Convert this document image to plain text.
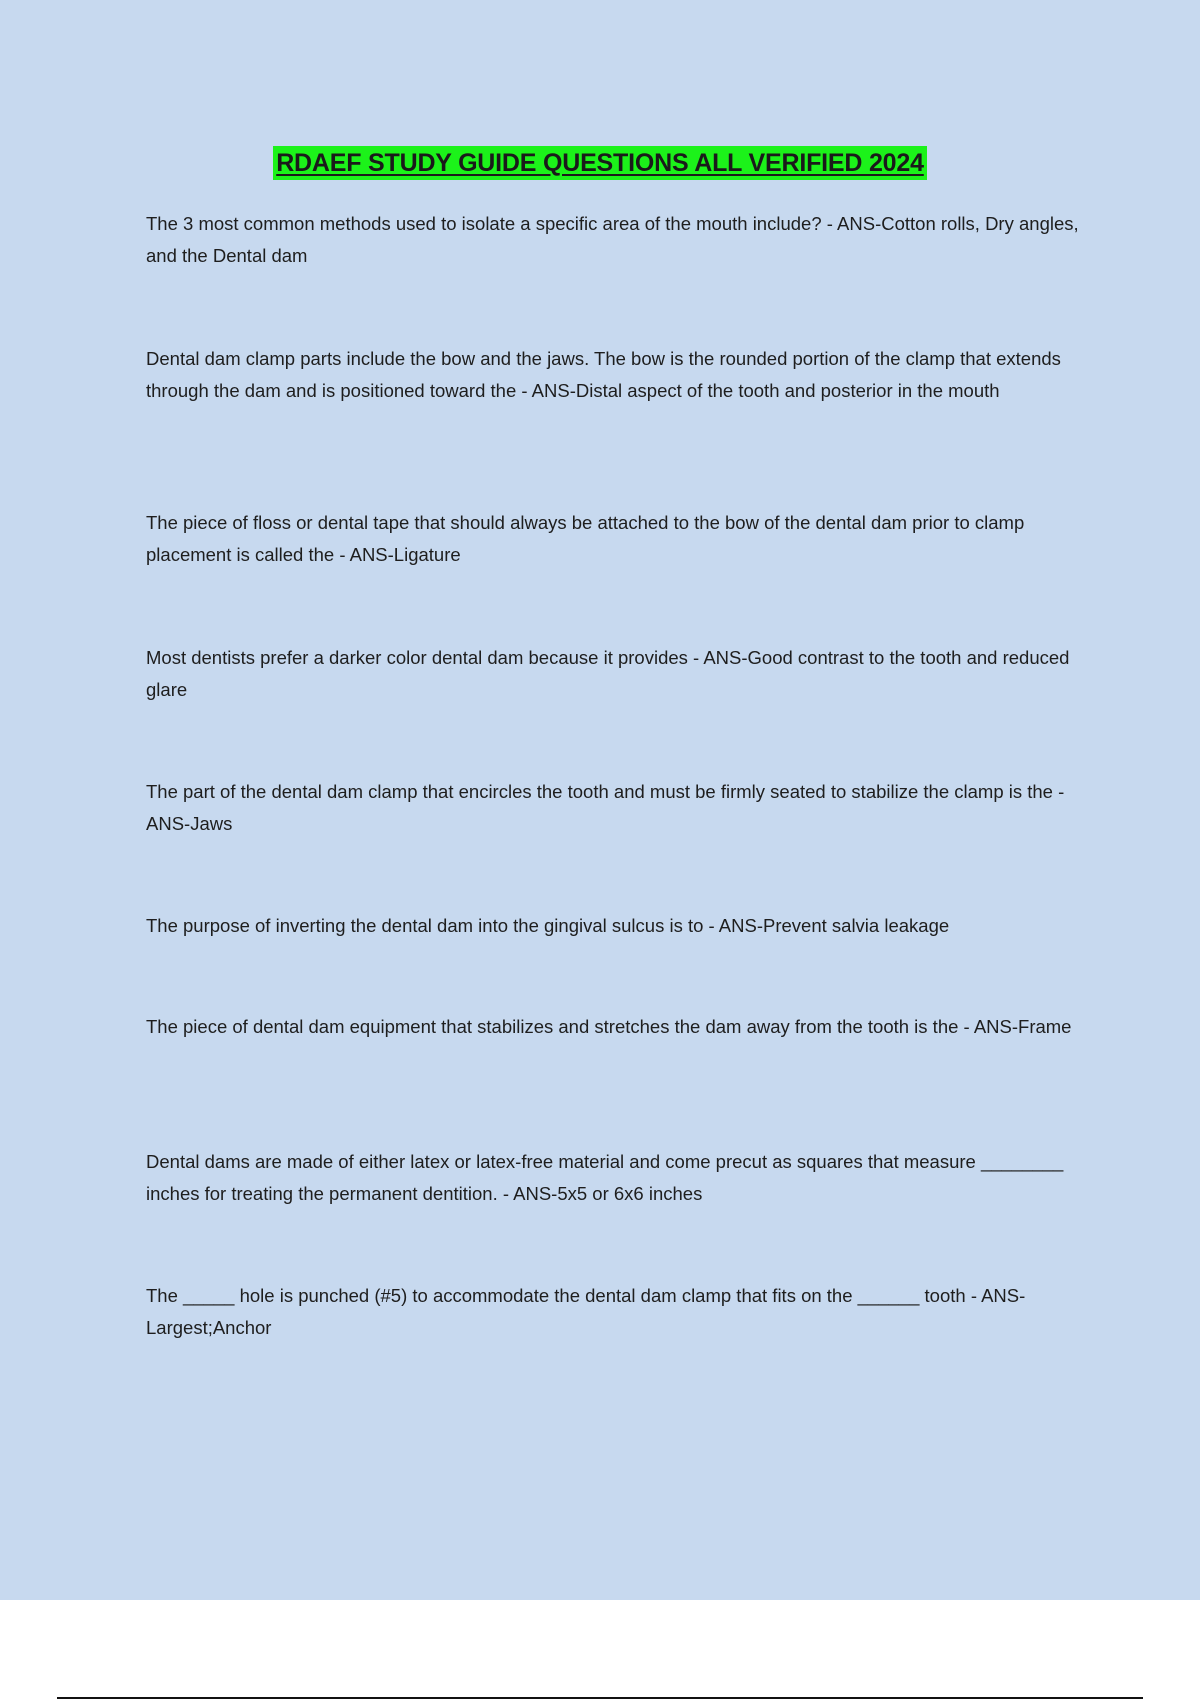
RDAEF STUDY GUIDE QUESTIONS ALL VERIFIED 2024

The 3 most common methods used to isolate a specific area of the mouth include? - ANS-Cotton rolls, Dry angles, and the Dental dam

Dental dam clamp parts include the bow and the jaws. The bow is the rounded portion of the clamp that extends through the dam and is positioned toward the - ANS-Distal aspect of the tooth and posterior in the mouth

The piece of floss or dental tape that should always be attached to the bow of the dental dam prior to clamp placement is called the - ANS-Ligature

Most dentists prefer a darker color dental dam because it provides - ANS-Good contrast to the tooth and reduced glare

The part of the dental dam clamp that encircles the tooth and must be firmly seated to stabilize the clamp is the - ANS-Jaws

The purpose of inverting the dental dam into the gingival sulcus is to - ANS-Prevent salvia leakage

The piece of dental dam equipment that stabilizes and stretches the dam away from the tooth is the - ANS-Frame

Dental dams are made of either latex or latex-free material and come precut as squares that measure ________ inches for treating the permanent dentition. - ANS-5x5 or 6x6 inches

The _____ hole is punched (#5) to accommodate the dental dam clamp that fits on the ______ tooth - ANS-Largest;Anchor
